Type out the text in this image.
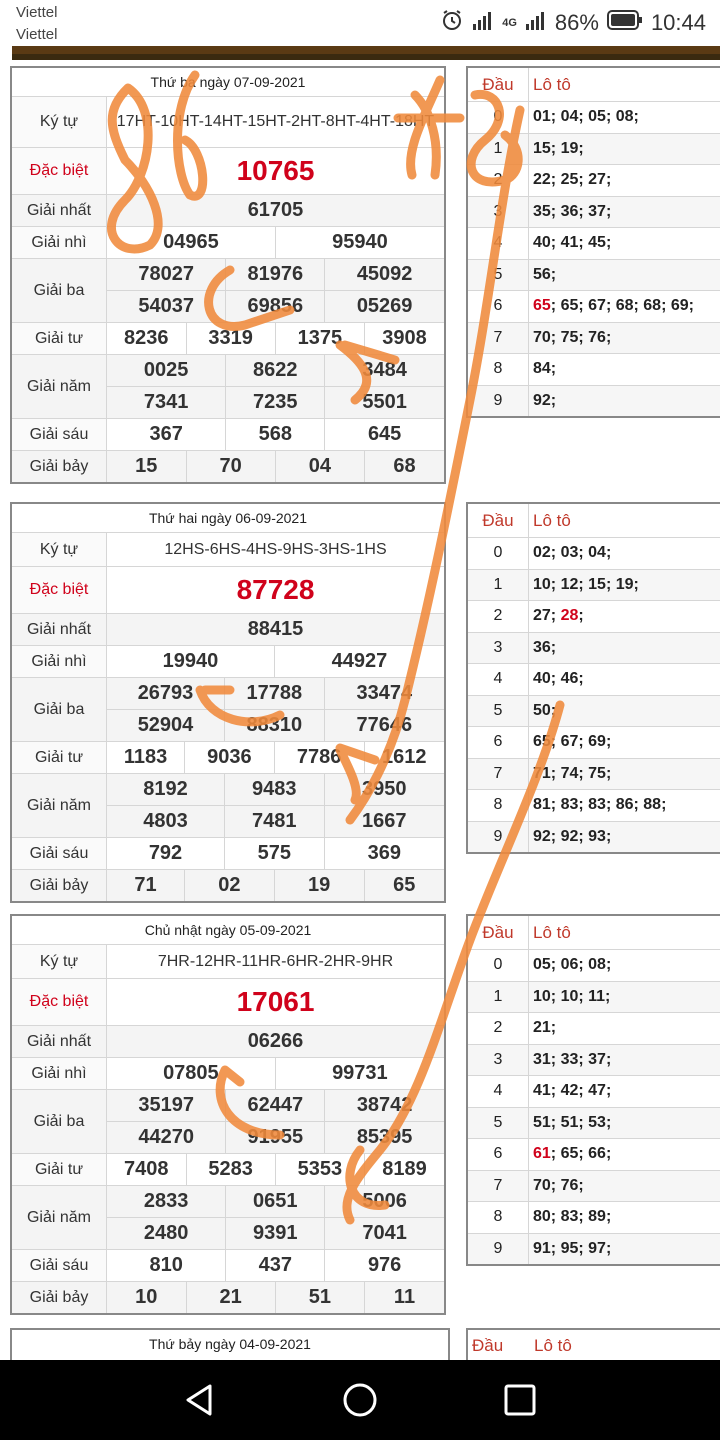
Viettel
Viettel
4G 86% 10:44
Thứ ba ngày 07-09-2021						
Ký tự	17HT-10HT-14HT-15HT-2HT-8HT-4HT-18HT					
Đặc biệt	10765					
Giải nhất	61705					
Giải nhì	04965			95940		
Giải ba	78027		81976		45092	
	54037		69856		05269	
Giải tư	8236	3319		1375		3908
Giải năm	0025		8622		3484	
	7341		7235		5501	
Giải sáu	367		568		645	
Giải bảy	15	70		04		68
Đầu	Lô tô
0	01; 04; 05; 08;
1	15; 19;
2	22; 25; 27;
3	35; 36; 37;
4	40; 41; 45;
5	56;
6	65; 65; 67; 68; 68; 69;
7	70; 75; 76;
8	84;
9	92;
Thứ hai ngày 06-09-2021						
Ký tự	12HS-6HS-4HS-9HS-3HS-1HS					
Đặc biệt	87728					
Giải nhất	88415					
Giải nhì	19940			44927		
Giải ba	26793		17788		33474	
	52904		88310		77646	
Giải tư	1183	9036		7786		1612
Giải năm	8192		9483		3950	
	4803		7481		1667	
Giải sáu	792		575		369	
Giải bảy	71	02		19		65
Đầu	Lô tô
0	02; 03; 04;
1	10; 12; 15; 19;
2	27; 28;
3	36;
4	40; 46;
5	50;
6	65; 67; 69;
7	71; 74; 75;
8	81; 83; 83; 86; 88;
9	92; 92; 93;
Chủ nhật ngày 05-09-2021						
Ký tự	7HR-12HR-11HR-6HR-2HR-9HR					
Đặc biệt	17061					
Giải nhất	06266					
Giải nhì	07805			99731		
Giải ba	35197		62447		38742	
	44270		91955		85395	
Giải tư	7408	5283		5353		8189
Giải năm	2833		0651		5006	
	2480		9391		7041	
Giải sáu	810		437		976	
Giải bảy	10	21		51		11
Đầu	Lô tô
0	05; 06; 08;
1	10; 10; 11;
2	21;
3	31; 33; 37;
4	41; 42; 47;
5	51; 51; 53;
6	61; 65; 66;
7	70; 76;
8	80; 83; 89;
9	91; 95; 97;
Thứ bảy ngày 04-09-2021	Đầu Lô tô
